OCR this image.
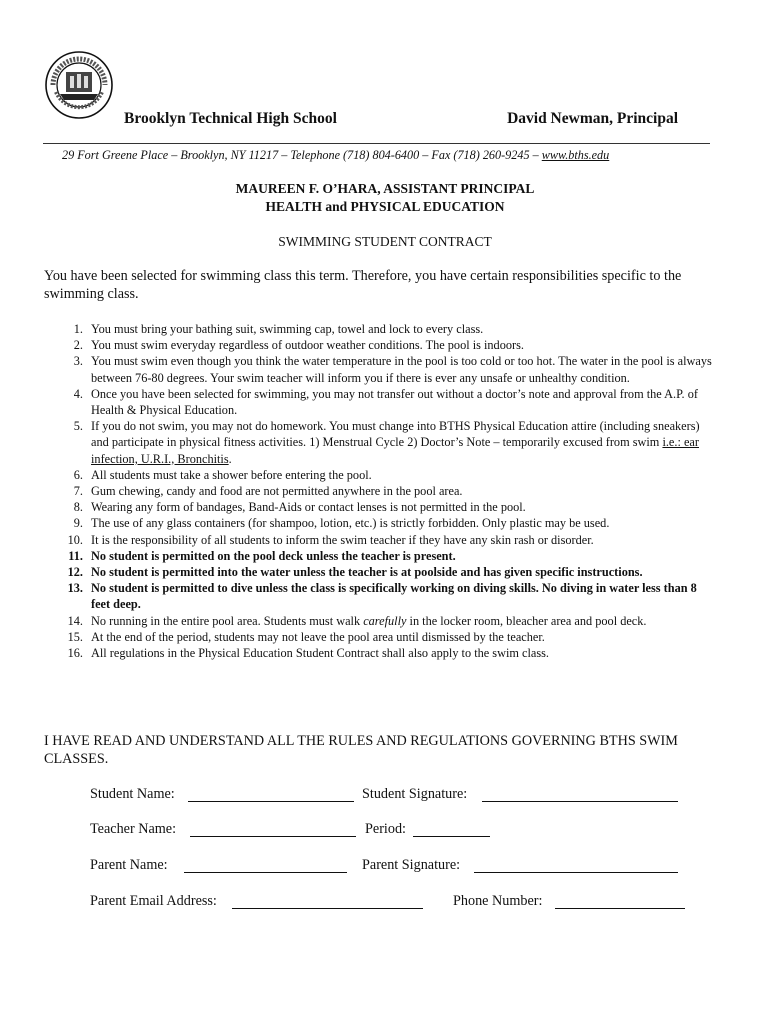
Brooklyn Technical High School	David Newman, Principal
29 Fort Greene Place – Brooklyn, NY 11217 – Telephone (718) 804-6400 – Fax (718) 260-9245 – www.bths.edu
MAUREEN F. O’HARA, ASSISTANT PRINCIPAL
HEALTH and PHYSICAL EDUCATION
SWIMMING STUDENT CONTRACT
You have been selected for swimming class this term. Therefore, you have certain responsibilities specific to the swimming class.
1. You must bring your bathing suit, swimming cap, towel and lock to every class.
2. You must swim everyday regardless of outdoor weather conditions. The pool is indoors.
3. You must swim even though you think the water temperature in the pool is too cold or too hot. The water in the pool is always between 76-80 degrees. Your swim teacher will inform you if there is ever any unsafe or unhealthy condition.
4. Once you have been selected for swimming, you may not transfer out without a doctor’s note and approval from the A.P. of Health & Physical Education.
5. If you do not swim, you may not do homework. You must change into BTHS Physical Education attire (including sneakers) and participate in physical fitness activities. 1) Menstrual Cycle 2) Doctor’s Note – temporarily excused from swim i.e.: ear infection, U.R.I., Bronchitis.
6. All students must take a shower before entering the pool.
7. Gum chewing, candy and food are not permitted anywhere in the pool area.
8. Wearing any form of bandages, Band-Aids or contact lenses is not permitted in the pool.
9. The use of any glass containers (for shampoo, lotion, etc.) is strictly forbidden. Only plastic may be used.
10. It is the responsibility of all students to inform the swim teacher if they have any skin rash or disorder.
11. No student is permitted on the pool deck unless the teacher is present.
12. No student is permitted into the water unless the teacher is at poolside and has given specific instructions.
13. No student is permitted to dive unless the class is specifically working on diving skills. No diving in water less than 8 feet deep.
14. No running in the entire pool area. Students must walk carefully in the locker room, bleacher area and pool deck.
15. At the end of the period, students may not leave the pool area until dismissed by the teacher.
16. All regulations in the Physical Education Student Contract shall also apply to the swim class.
I HAVE READ AND UNDERSTAND ALL THE RULES AND REGULATIONS GOVERNING BTHS SWIM CLASSES.
Student Name:	Student Signature:
Teacher Name:	Period:
Parent Name:	Parent Signature:
Parent Email Address:	Phone Number:
